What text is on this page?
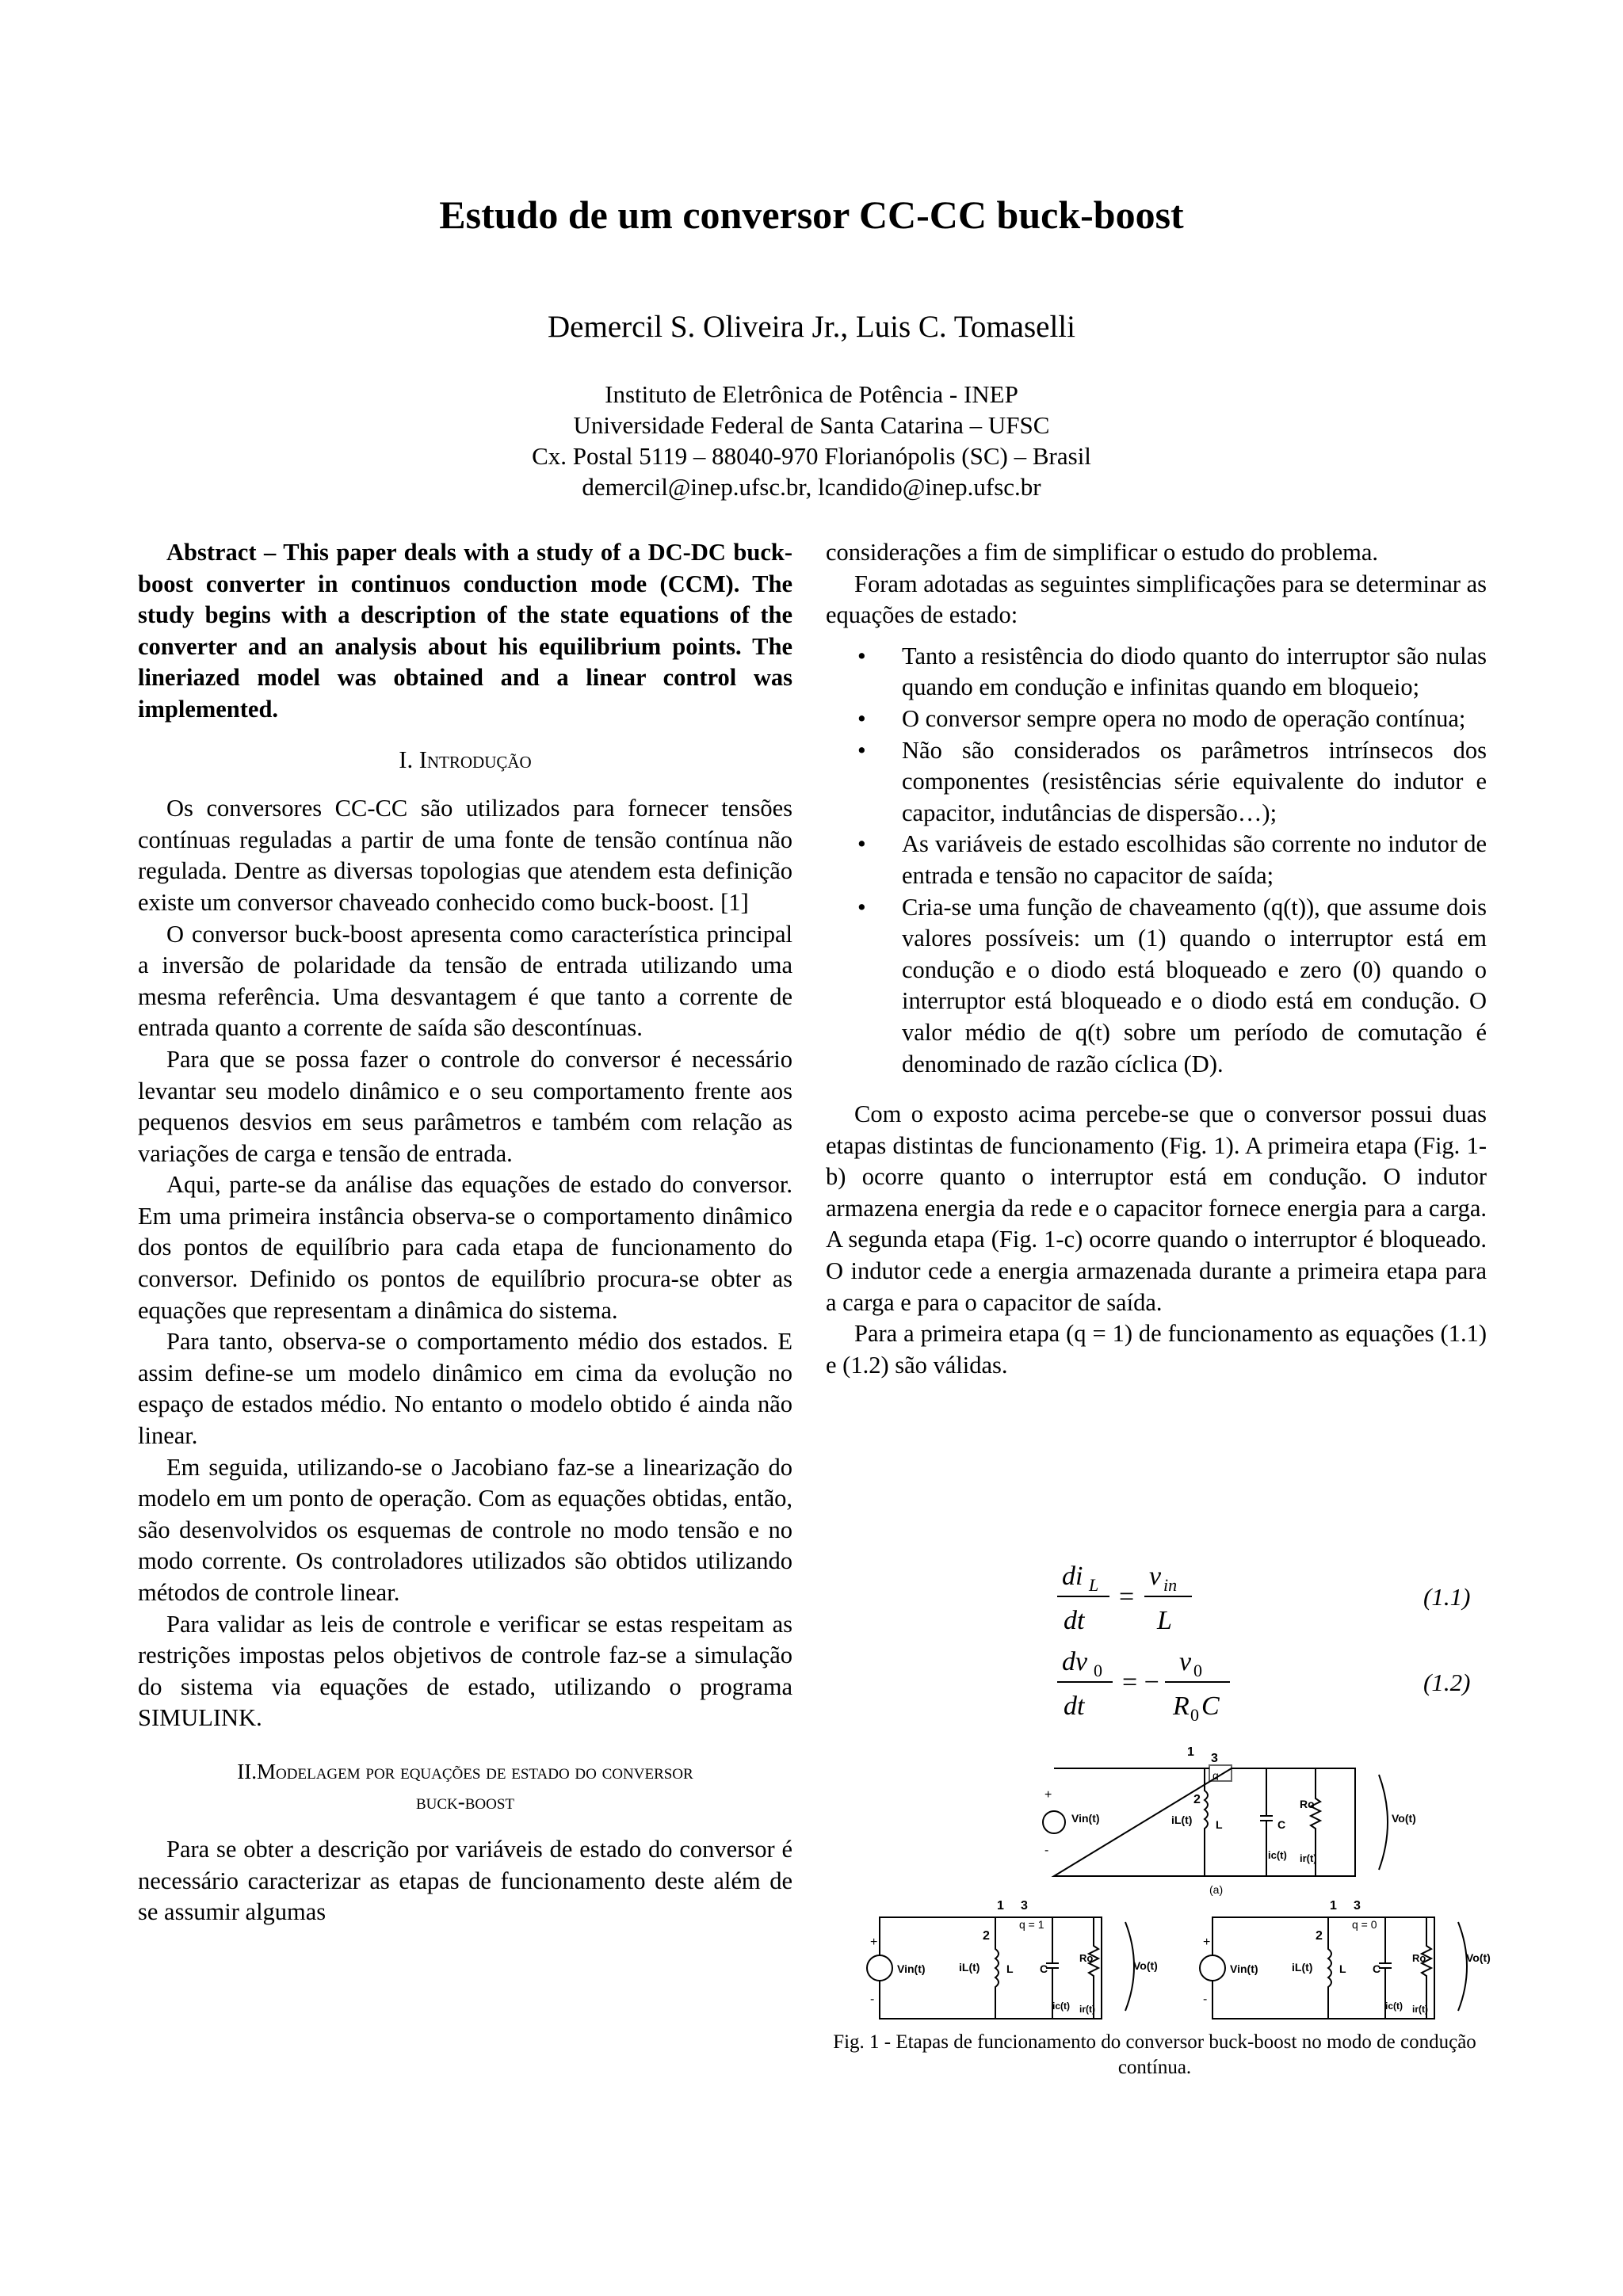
Estudo de um conversor CC-CC buck-boost
Demercil S. Oliveira Jr., Luis C. Tomaselli
Instituto de Eletrônica de Potência - INEP
Universidade Federal de Santa Catarina – UFSC
Cx. Postal 5119 – 88040-970 Florianópolis (SC) – Brasil
demercil@inep.ufsc.br, lcandido@inep.ufsc.br

Abstract – This paper deals with a study of a DC-DC buck-boost converter in continuos conduction mode (CCM). The study begins with a description of the state equations of the converter and an analysis about his equilibrium points. The lineriazed model was obtained and a linear control was implemented.

I. Introdução

Os conversores CC-CC são utilizados para fornecer tensões contínuas reguladas a partir de uma fonte de tensão contínua não regulada. Dentre as diversas topologias que atendem esta definição existe um conversor chaveado conhecido como buck-boost. [1]

O conversor buck-boost apresenta como característica principal a inversão de polaridade da tensão de entrada utilizando uma mesma referência. Uma desvantagem é que tanto a corrente de entrada quanto a corrente de saída são descontínuas.

Para que se possa fazer o controle do conversor é necessário levantar seu modelo dinâmico e o seu comportamento frente aos pequenos desvios em seus parâmetros e também com relação as variações de carga e tensão de entrada.

Aqui, parte-se da análise das equações de estado do conversor. Em uma primeira instância observa-se o comportamento dinâmico dos pontos de equilíbrio para cada etapa de funcionamento do conversor. Definido os pontos de equilíbrio procura-se obter as equações que representam a dinâmica do sistema.

Para tanto, observa-se o comportamento médio dos estados. E assim define-se um modelo dinâmico em cima da evolução no espaço de estados médio. No entanto o modelo obtido é ainda não linear.

Em seguida, utilizando-se o Jacobiano faz-se a linearização do modelo em um ponto de operação. Com as equações obtidas, então, são desenvolvidos os esquemas de controle no modo tensão e no modo corrente. Os controladores utilizados são obtidos utilizando métodos de controle linear.

Para validar as leis de controle e verificar se estas respeitam as restrições impostas pelos objetivos de controle faz-se a simulação do sistema via equações de estado, utilizando o programa SIMULINK.

II.Modelagem por equações de estado do conversor
buck-boost

Para se obter a descrição por variáveis de estado do conversor é necessário caracterizar as etapas de funcionamento deste além de se assumir algumas

considerações a fim de simplificar o estudo do problema.

Foram adotadas as seguintes simplificações para se determinar as equações de estado:

• Tanto a resistência do diodo quanto do interruptor são nulas quando em condução e infinitas quando em bloqueio;
• O conversor sempre opera no modo de operação contínua;
• Não são considerados os parâmetros intrínsecos dos componentes (resistências série equivalente do indutor e capacitor, indutâncias de dispersão…);
• As variáveis de estado escolhidas são corrente no indutor de entrada e tensão no capacitor de saída;
• Cria-se uma função de chaveamento (q(t)), que assume dois valores possíveis: um (1) quando o interruptor está em condução e o diodo está bloqueado e zero (0) quando o interruptor está bloqueado e o diodo está em condução. O valor médio de q(t) sobre um período de comutação é denominado de razão cíclica (D).

Com o exposto acima percebe-se que o conversor possui duas etapas distintas de funcionamento (Fig. 1). A primeira etapa (Fig. 1-b) ocorre quanto o interruptor está em condução. O indutor armazena energia da rede e o capacitor fornece energia para a carga. A segunda etapa (Fig. 1-c) ocorre quando o interruptor é bloqueado. O indutor cede a energia armazenada durante a primeira etapa para a carga e para o capacitor de saída.

Para a primeira etapa (q = 1) de funcionamento as equações (1.1) e (1.2) são válidas.

di L
dt
=
v in
L
(1.1)
dv 0
dt
= −
v 0
R 0 C
(1.2)
1 3
q
+
-
Vin(t)
2
iL(t) L	C
Ro
ic(t) ir(t)
Vo(t)
(a)
1 3
q = 1
+
-
Vin(t)
2
iL(t) L C
Ro
ic(t) ir(t)
Vo(t)
1 3
q = 0
+
-
Vin(t)
2
iL(t) L C
Ro
ic(t) ir(t)
Vo(t)
Fig. 1 - Etapas de funcionamento do conversor buck-boost no modo de condução contínua.
